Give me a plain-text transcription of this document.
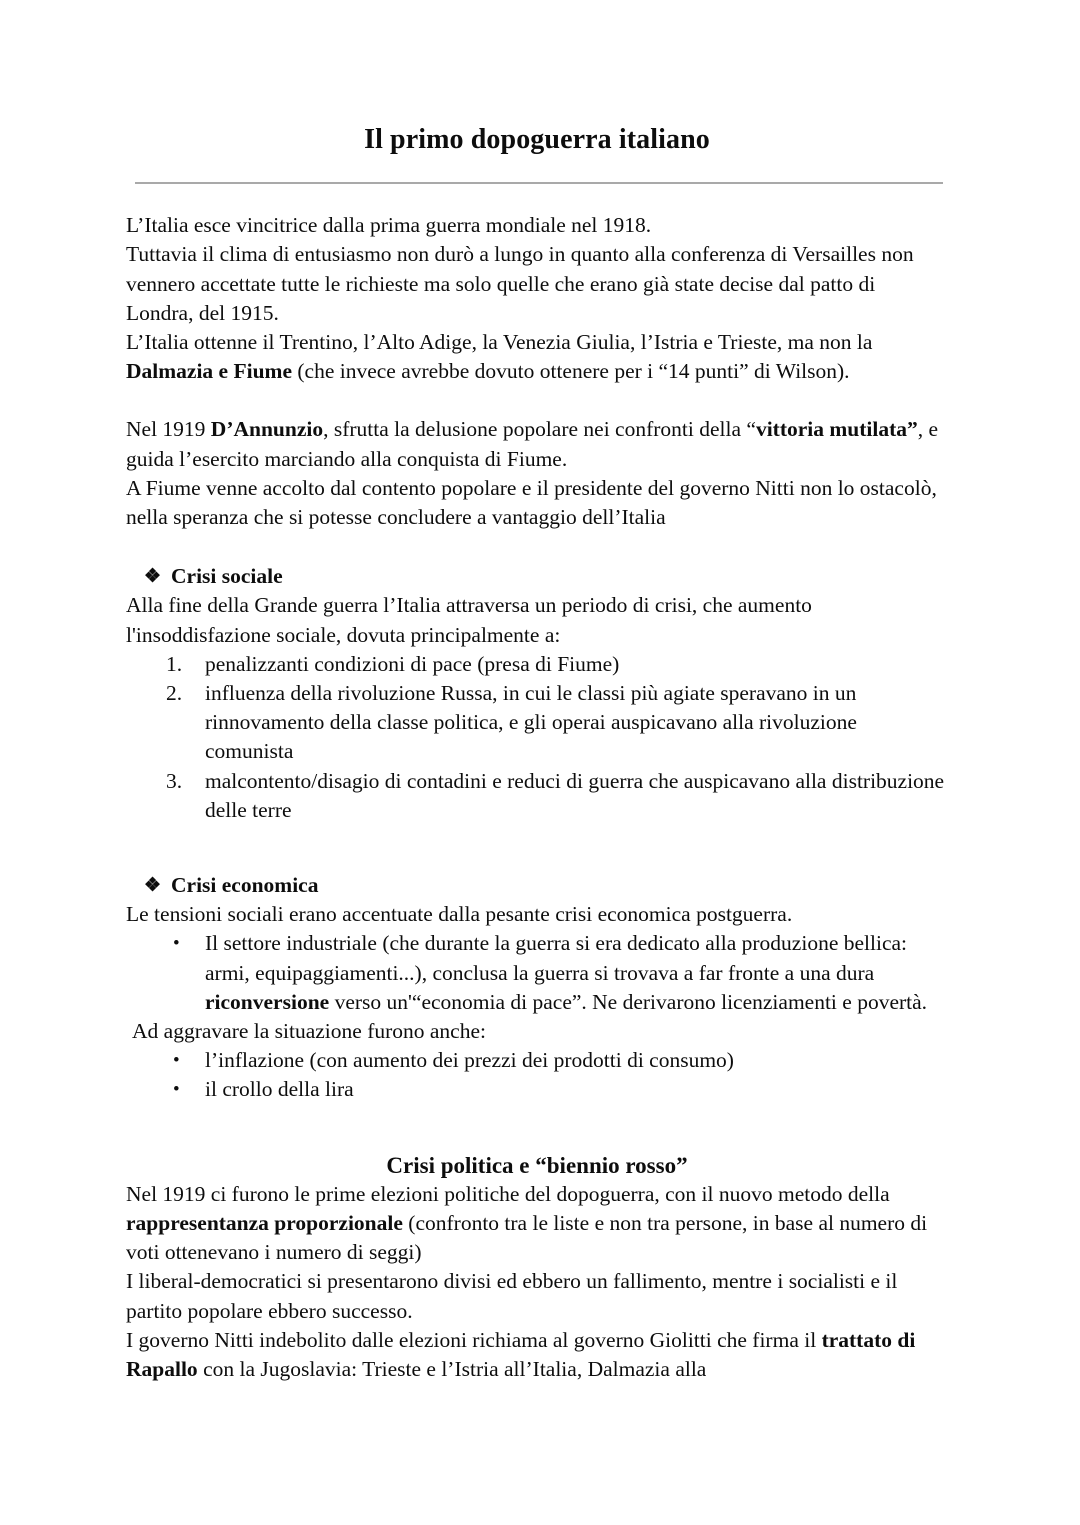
Il primo dopoguerra italiano

L’Italia esce vincitrice dalla prima guerra mondiale nel 1918.

Tuttavia il clima di entusiasmo non durò a lungo in quanto alla conferenza di Versailles non vennero accettate tutte le richieste ma solo quelle che erano già state decise dal patto di Londra, del 1915.

L’Italia ottenne il Trentino, l’Alto Adige, la Venezia Giulia, l’Istria e Trieste, ma non la Dalmazia e Fiume (che invece avrebbe dovuto ottenere per i “14 punti” di Wilson).

Nel 1919 D’Annunzio, sfrutta la delusione popolare nei confronti della “vittoria mutilata”, e guida l’esercito marciando alla conquista di Fiume.

A Fiume venne accolto dal contento popolare e il presidente del governo Nitti non lo ostacolò, nella speranza che si potesse concludere a vantaggio dell’Italia

❖ Crisi sociale

Alla fine della Grande guerra l’Italia attraversa un periodo di crisi, che aumento l'insoddisfazione sociale, dovuta principalmente a:

penalizzanti condizioni di pace (presa di Fiume)
influenza della rivoluzione Russa, in cui le classi più agiate speravano in un rinnovamento della classe politica, e gli operai auspicavano alla rivoluzione comunista
malcontento/disagio di contadini e reduci di guerra che auspicavano alla distribuzione delle terre

❖ Crisi economica

Le tensioni sociali erano accentuate dalla pesante crisi economica postguerra.

• Il settore industriale (che durante la guerra si era dedicato alla produzione bellica: armi, equipaggiamenti...), conclusa la guerra si trovava a far fronte a una dura riconversione verso un'“economia di pace”. Ne derivarono licenziamenti e povertà.

Ad aggravare la situazione furono anche:

• l’inflazione (con aumento dei prezzi dei prodotti di consumo)
• il crollo della lira

Crisi politica e “biennio rosso”

Nel 1919 ci furono le prime elezioni politiche del dopoguerra, con il nuovo metodo della rappresentanza proporzionale (confronto tra le liste e non tra persone, in base al numero di voti ottenevano i numero di seggi)

I liberal-democratici si presentarono divisi ed ebbero un fallimento, mentre i socialisti e il partito popolare ebbero successo.

I governo Nitti indebolito dalle elezioni richiama al governo Giolitti che firma il trattato di Rapallo con la Jugoslavia: Trieste e l’Istria all’Italia, Dalmazia alla
